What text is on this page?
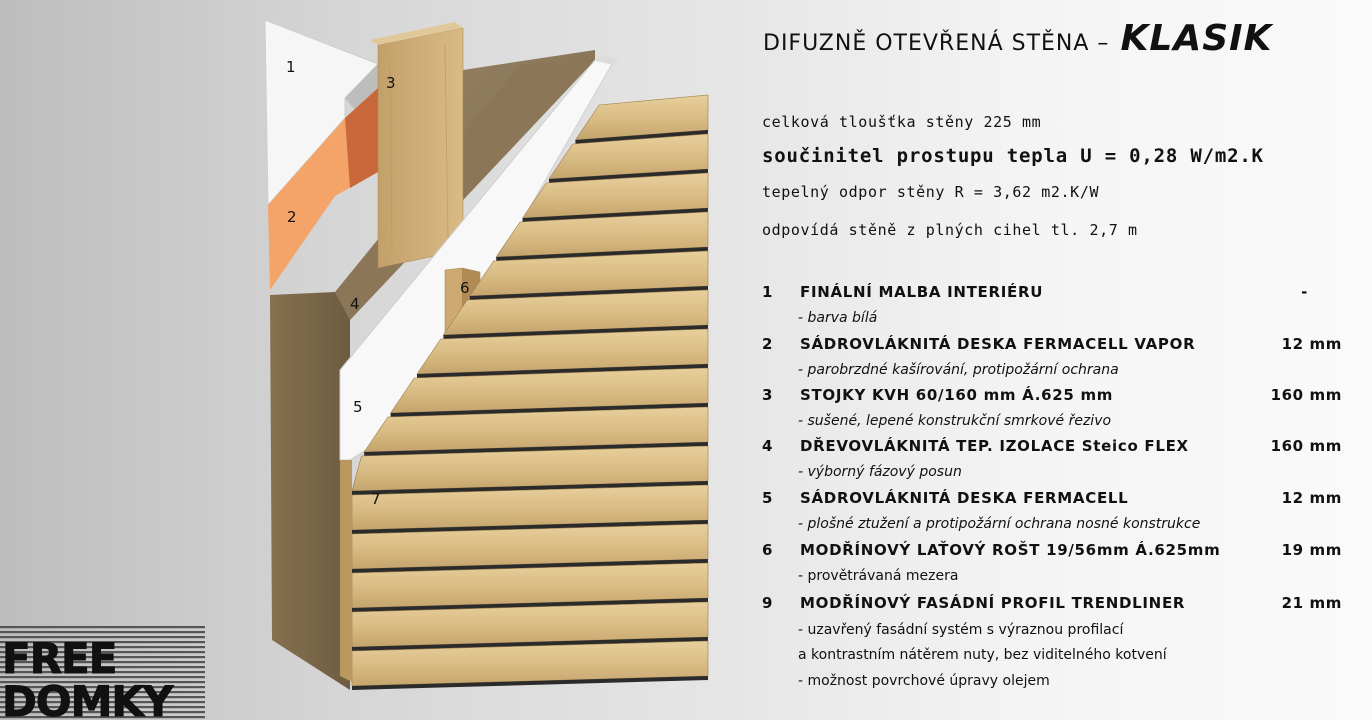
1
2
3
4
5
6
7
DIFUZNĚ OTEVŘENÁ STĚNA – KLASIK
celková tloušťka stěny 225 mm
součinitel prostupu tepla U = 0,28 W/m2.K
tepelný odpor stěny R = 3,62 m2.K/W
odpovídá stěně z plných cihel tl. 2,7 m
1 FINÁLNÍ MALBA INTERIÉRU	-
- barva bílá
2 SÁDROVLÁKNITÁ DESKA FERMACELL VAPOR	12 mm
- parobrzdné kašírování, protipožární ochrana
3 STOJKY KVH 60/160 mm Á.625 mm	160 mm
- sušené, lepené konstrukční smrkové řezivo
4 DŘEVOVLÁKNITÁ TEP. IZOLACE Steico FLEX	160 mm
- výborný fázový posun
5 SÁDROVLÁKNITÁ DESKA FERMACELL	12 mm
- plošné ztužení a protipožární ochrana nosné konstrukce
6 MODŘÍNOVÝ LAŤOVÝ ROŠT 19/56mm Á.625mm	19 mm
- provětrávaná mezera
9 MODŘÍNOVÝ FASÁDNÍ PROFIL TRENDLINER	21 mm
- uzavřený fasádní systém s výraznou profilací
a kontrastním nátěrem nuty, bez viditelného kotvení
- možnost povrchové úpravy olejem
FREE
DOMKY
